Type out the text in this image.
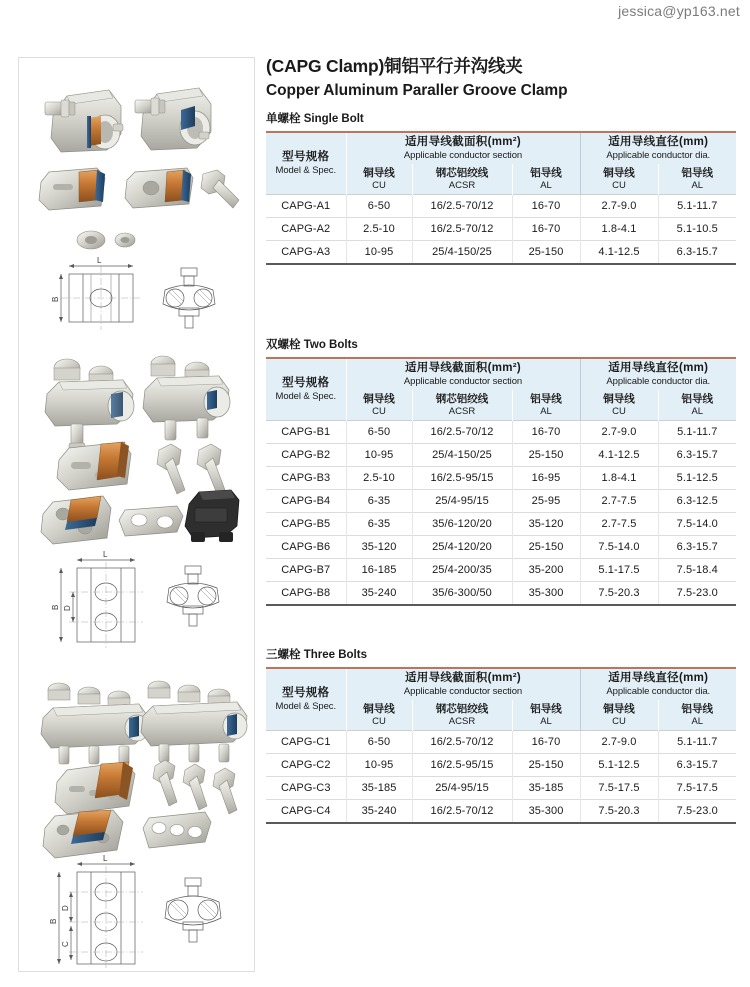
jessica@yp163.net
L
B
L
B D
L
B
D
C
(CAPG Clamp)铜铝平行并沟线夹
Copper Aluminum Paraller Groove Clamp
单螺栓 Single Bolt
型号规格
Model & Spec.	适用导线截面积(mm²)
Applicable conductor section			适用导线直径(mm)
Applicable conductor dia.	

	铜导线
CU	钢芯铝绞线
ACSR	铝导线
AL	铜导线
CU	铝导线
AL

CAPG-A1	6-50	16/2.5-70/12	16-70	2.7-9.0	5.1-11.7
CAPG-A2	2.5-10	16/2.5-70/12	16-70	1.8-4.1	5.1-10.5
CAPG-A3	10-95	25/4-150/25	25-150	4.1-12.5	6.3-15.7
双螺栓 Two Bolts
型号规格
Model & Spec.	适用导线截面积(mm²)
Applicable conductor section			适用导线直径(mm)
Applicable conductor dia.	

	铜导线
CU	钢芯铝绞线
ACSR	铝导线
AL	铜导线
CU	铝导线
AL

CAPG-B1	6-50	16/2.5-70/12	16-70	2.7-9.0	5.1-11.7
CAPG-B2	10-95	25/4-150/25	25-150	4.1-12.5	6.3-15.7
CAPG-B3	2.5-10	16/2.5-95/15	16-95	1.8-4.1	5.1-12.5
CAPG-B4	6-35	25/4-95/15	25-95	2.7-7.5	6.3-12.5
CAPG-B5	6-35	35/6-120/20	35-120	2.7-7.5	7.5-14.0
CAPG-B6	35-120	25/4-120/20	25-150	7.5-14.0	6.3-15.7
CAPG-B7	16-185	25/4-200/35	35-200	5.1-17.5	7.5-18.4
CAPG-B8	35-240	35/6-300/50	35-300	7.5-20.3	7.5-23.0
三螺栓 Three Bolts
型号规格
Model & Spec.	适用导线截面积(mm²)
Applicable conductor section			适用导线直径(mm)
Applicable conductor dia.	

	铜导线
CU	钢芯铝绞线
ACSR	铝导线
AL	铜导线
CU	铝导线
AL

CAPG-C1	6-50	16/2.5-70/12	16-70	2.7-9.0	5.1-11.7
CAPG-C2	10-95	16/2.5-95/15	25-150	5.1-12.5	6.3-15.7
CAPG-C3	35-185	25/4-95/15	35-185	7.5-17.5	7.5-17.5
CAPG-C4	35-240	16/2.5-70/12	35-300	7.5-20.3	7.5-23.0
